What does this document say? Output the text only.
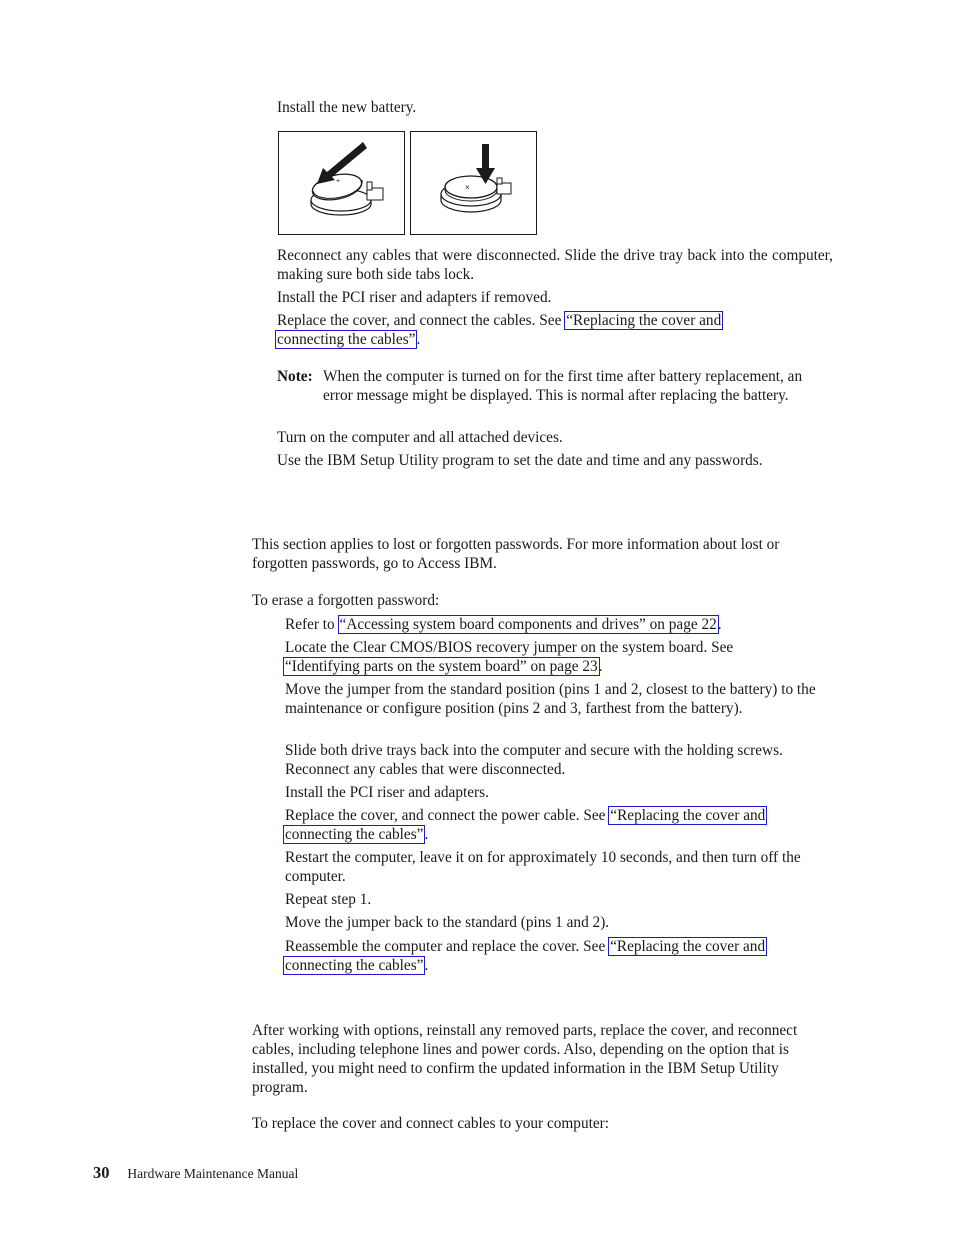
Install the new battery.

+
×

Reconnect any cables that were disconnected. Slide the drive tray back into the computer, making sure both side tabs lock.

Install the PCI riser and adapters if removed.

Replace the cover, and connect the cables. See “Replacing the cover and
connecting the cables”.
Note: When the computer is turned on for the first time after battery replacement, an error message might be displayed. This is normal after replacing the battery.

Turn on the computer and all attached devices.

Use the IBM Setup Utility program to set the date and time and any passwords.

This section applies to lost or forgotten passwords. For more information about lost or forgotten passwords, go to Access IBM.

To erase a forgotten password:

Refer to “Accessing system board components and drives” on page 22.
Locate the Clear CMOS/BIOS recovery jumper on the system board. See
“Identifying parts on the system board” on page 23.

Move the jumper from the standard position (pins 1 and 2, closest to the battery) to the maintenance or configure position (pins 2 and 3, farthest from the battery).

Slide both drive trays back into the computer and secure with the holding screws. Reconnect any cables that were disconnected.

Install the PCI riser and adapters.

Replace the cover, and connect the power cable. See “Replacing the cover and
connecting the cables”.

Restart the computer, leave it on for approximately 10 seconds, and then turn off the computer.

Repeat step 1.

Move the jumper back to the standard (pins 1 and 2).

Reassemble the computer and replace the cover. See “Replacing the cover and
connecting the cables”.

After working with options, reinstall any removed parts, replace the cover, and reconnect cables, including telephone lines and power cords. Also, depending on the option that is installed, you might need to confirm the updated information in the IBM Setup Utility program.

To replace the cover and connect cables to your computer:

30 Hardware Maintenance Manual
